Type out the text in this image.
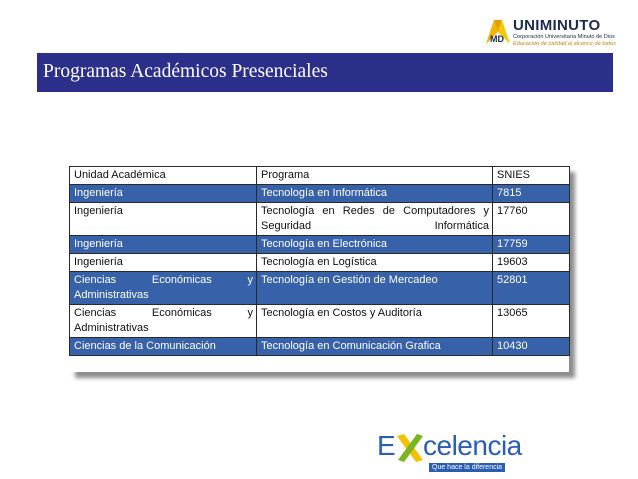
MD
UNIMINUTO
Corporación Universitaria Minuto de Dios
Educación de calidad al alcance de todos
Programas Académicos Presenciales
Unidad Académica	Programa	SNIES
Ingeniería	Tecnología en Informática	7815
Ingeniería	Tecnología en Redes de Computadores y Seguridad Informática	17760
Ingeniería	Tecnología en Electrónica	17759
Ingeniería	Tecnología en Logística	19603
Ciencias Económicas y Administrativas	Tecnología en Gestión de Mercadeo	52801
Ciencias Económicas y Administrativas	Tecnología en Costos y Auditoría	13065
Ciencias de la Comunicación	Tecnología en Comunicación Grafica	10430
E celencia
Que hace la diferencia
